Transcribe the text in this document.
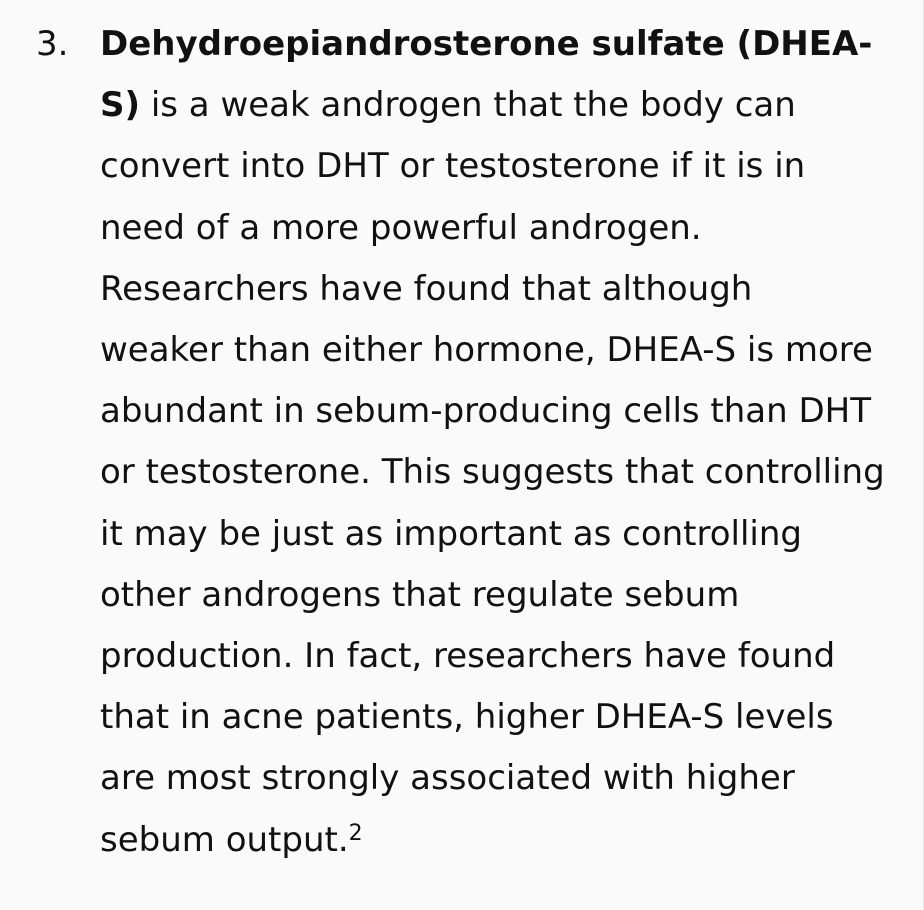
3. Dehydroepiandrosterone sulfate (DHEA-S) is a weak androgen that the body can convert into DHT or testosterone if it is in need of a more powerful androgen. Researchers have found that although weaker than either hormone, DHEA-S is more abundant in sebum-producing cells than DHT or testosterone. This suggests that controlling it may be just as important as controlling other androgens that regulate sebum production. In fact, researchers have found that in acne patients, higher DHEA-S levels are most strongly associated with higher sebum output.$^2$
